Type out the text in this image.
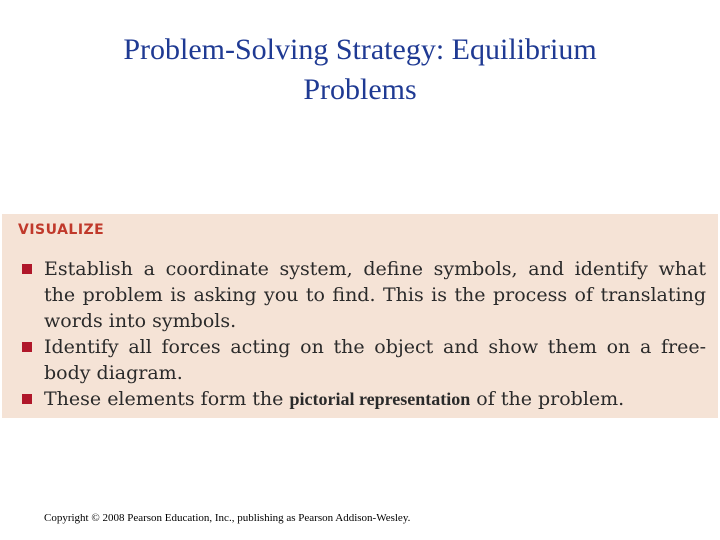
Problem-Solving Strategy: Equilibrium
Problems
VISUALIZE
Establish a coordinate system, define symbols, and identify what the problem is asking you to find. This is the process of translating words into symbols.
Identify all forces acting on the object and show them on a free-body diagram.
These elements form the pictorial representation of the problem.
Copyright © 2008 Pearson Education, Inc., publishing as Pearson Addison-Wesley.
